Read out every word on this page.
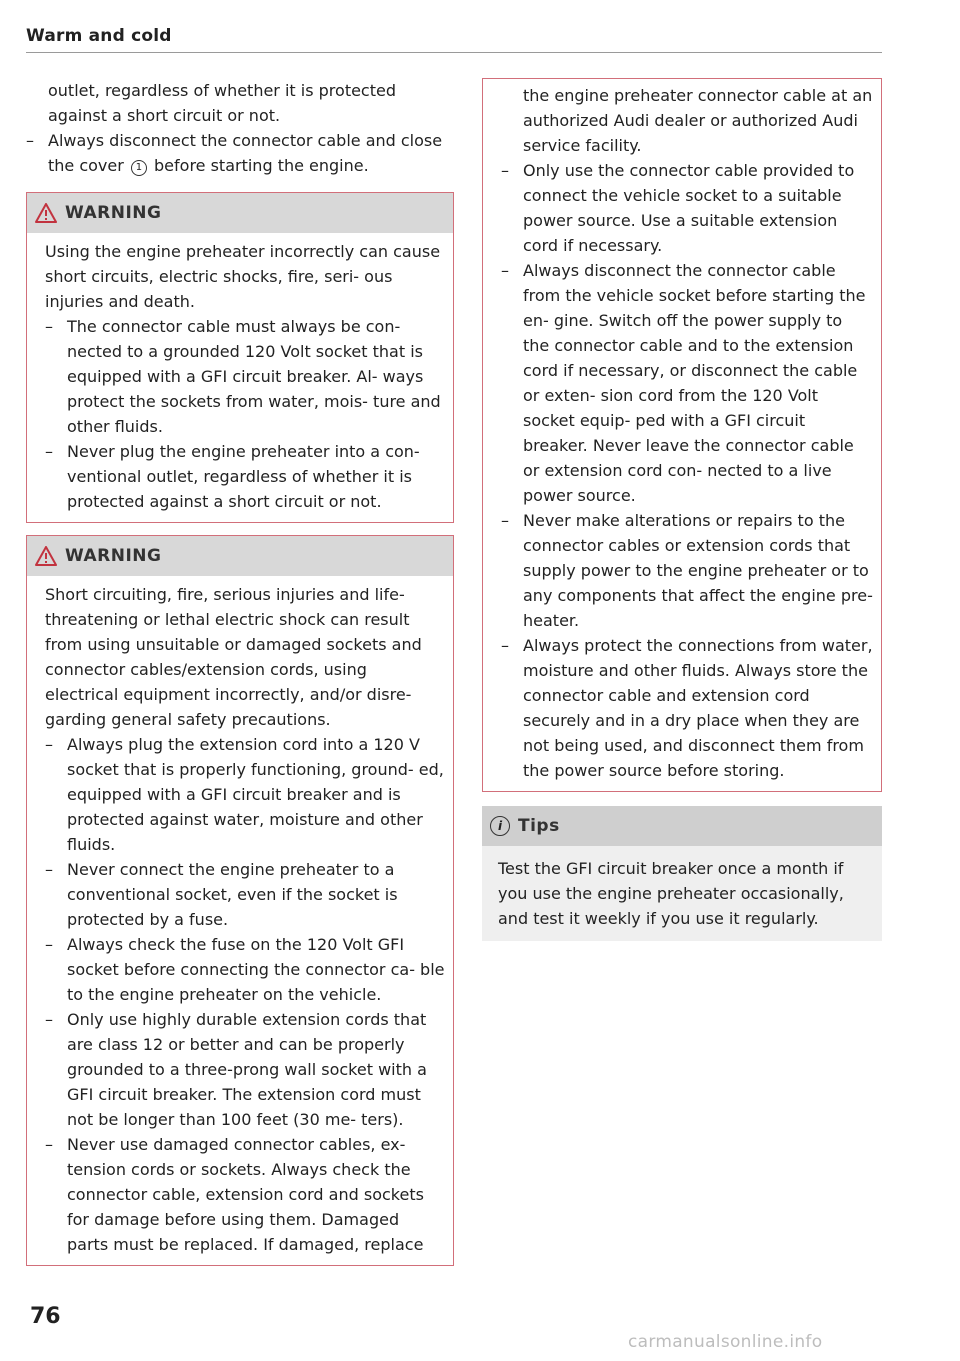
Warm and cold

outlet, regardless of whether it is protected against a short circuit or not.

– Always disconnect the connector cable and close the cover 1 before starting the engine.
WARNING

Using the engine preheater incorrectly can cause short circuits, electric shocks, fire, seri- ous injuries and death.

– The connector cable must always be con- nected to a grounded 120 Volt socket that is equipped with a GFI circuit breaker. Al- ways protect the sockets from water, mois- ture and other fluids.
– Never plug the engine preheater into a con- ventional outlet, regardless of whether it is protected against a short circuit or not.
WARNING

Short circuiting, fire, serious injuries and life- threatening or lethal electric shock can result from using unsuitable or damaged sockets and connector cables/extension cords, using electrical equipment incorrectly, and/or disre- garding general safety precautions.

– Always plug the extension cord into a 120 V socket that is properly functioning, ground- ed, equipped with a GFI circuit breaker and is protected against water, moisture and other fluids.
– Never connect the engine preheater to a conventional socket, even if the socket is protected by a fuse.
– Always check the fuse on the 120 Volt GFI socket before connecting the connector ca- ble to the engine preheater on the vehicle.
– Only use highly durable extension cords that are class 12 or better and can be properly grounded to a three-prong wall socket with a GFI circuit breaker. The extension cord must not be longer than 100 feet (30 me- ters).
– Never use damaged connector cables, ex- tension cords or sockets. Always check the connector cable, extension cord and sockets for damage before using them. Damaged parts must be replaced. If damaged, replace

the engine preheater connector cable at an authorized Audi dealer or authorized Audi service facility.

– Only use the connector cable provided to connect the vehicle socket to a suitable power source. Use a suitable extension cord if necessary.
– Always disconnect the connector cable from the vehicle socket before starting the en- gine. Switch off the power supply to the connector cable and to the extension cord if necessary, or disconnect the cable or exten- sion cord from the 120 Volt socket equip- ped with a GFI circuit breaker. Never leave the connector cable or extension cord con- nected to a live power source.
– Never make alterations or repairs to the connector cables or extension cords that supply power to the engine preheater or to any components that affect the engine pre- heater.
– Always protect the connections from water, moisture and other fluids. Always store the connector cable and extension cord securely and in a dry place when they are not being used, and disconnect them from the power source before storing.
i Tips

Test the GFI circuit breaker once a month if you use the engine preheater occasionally, and test it weekly if you use it regularly.

76
carmanualsonline.info
